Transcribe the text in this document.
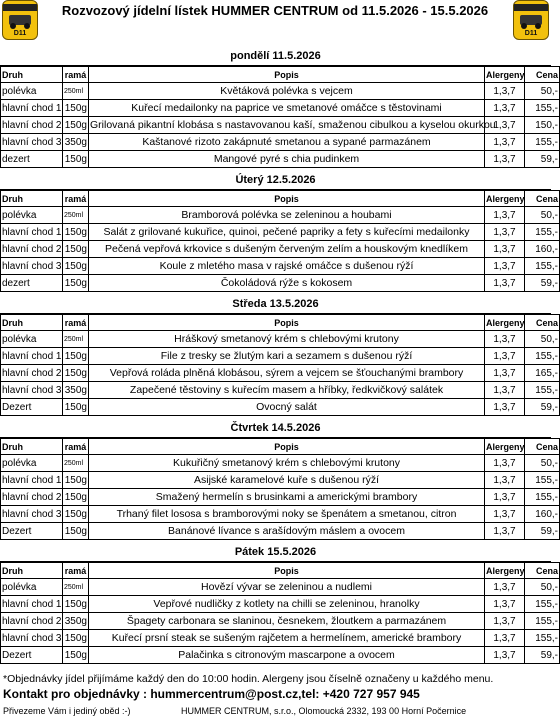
D11
Rozvozový jídelní lístek HUMMER CENTRUM od 11.5.2026 - 15.5.2026
D11
pondělí 11.5.2026
Druh	ramá	Popis	Alergeny	Cena
polévka	250ml	Květáková polévka s vejcem	1,3,7	50,-
hlavní chod 1	150g	Kuřecí medailonky na paprice ve smetanové omáčce s těstovinami	1,3,7	155,-
hlavní chod 2	150g	Grilovaná pikantní klobása s nastavovanou kaší, smaženou cibulkou a kyselou okurkou	1,3,7	150,-
hlavní chod 3	350g	Kaštanové rizoto zakápnuté smetanou a sypané parmazánem	1,3,7	155,-
dezert	150g	Mangové pyré s chia pudinkem	1,3,7	59,-
Úterý 12.5.2026
Druh	ramá	Popis	Alergeny	Cena
polévka	250ml	Bramborová polévka se zeleninou a houbami	1,3,7	50,-
hlavní chod 1	150g	Salát z grilované kukuřice, quinoi, pečené papriky a fety s kuřecími medailonky	1,3,7	155,-
hlavní chod 2	150g	Pečená vepřová krkovice s dušeným červeným zelím a houskovým knedlíkem	1,3,7	160,-
hlavní chod 3	150g	Koule z mletého masa v rajské omáčce s dušenou rýží	1,3,7	155,-
dezert	150g	Čokoládová rýže s kokosem	1,3,7	59,-
Středa 13.5.2026
Druh	ramá	Popis	Alergeny	Cena
polévka	250ml	Hráškový smetanový krém s chlebovými krutony	1,3,7	50,-
hlavní chod 1	150g	File z tresky se žlutým kari a sezamem s dušenou rýží	1,3,7	155,-
hlavní chod 2	150g	Vepřová roláda plněná klobásou, sýrem a vejcem se šťouchanými brambory	1,3,7	165,-
hlavní chod 3	350g	Zapečené těstoviny s kuřecím masem a hříbky, ředkvičkový salátek	1,3,7	155,-
Dezert	150g	Ovocný salát	1,3,7	59,-
Čtvrtek 14.5.2026
Druh	ramá	Popis	Alergeny	Cena
polévka	250ml	Kukuřičný smetanový krém s chlebovými krutony	1,3,7	50,-
hlavní chod 1	150g	Asijské karamelové kuře s dušenou rýží	1,3,7	155,-
hlavní chod 2	150g	Smažený hermelín s brusinkami a americkými brambory	1,3,7	155,-
hlavní chod 3	150g	Trhaný filet lososa s bramborovými noky se špenátem a smetanou, citron	1,3,7	160,-
Dezert	150g	Banánové lívance s arašídovým máslem a ovocem	1,3,7	59,-
Pátek 15.5.2026
Druh	ramá	Popis	Alergeny	Cena
polévka	250ml	Hovězí vývar se zeleninou a nudlemi	1,3,7	50,-
hlavní chod 1	150g	Vepřové nudličky z kotlety na chilli se zeleninou, hranolky	1,3,7	155,-
hlavní chod 2	350g	Špagety carbonara se slaninou, česnekem, žloutkem a parmazánem	1,3,7	155,-
hlavní chod 3	150g	Kuřecí prsní steak se sušeným rajčetem a hermelínem, americké brambory	1,3,7	155,-
Dezert	150g	Palačinka s citronovým mascarpone a ovocem	1,3,7	59,-
*Objednávky jídel přijímáme každý den do 10:00 hodin. Alergeny jsou číselně označeny u každého menu.
Kontakt pro objednávky : hummercentrum@post.cz,tel: +420 727 957 945
Přivezeme Vám i jediný oběd :-)	HUMMER CENTRUM, s.r.o., Olomoucká 2332, 193 00 Horní Počernice
